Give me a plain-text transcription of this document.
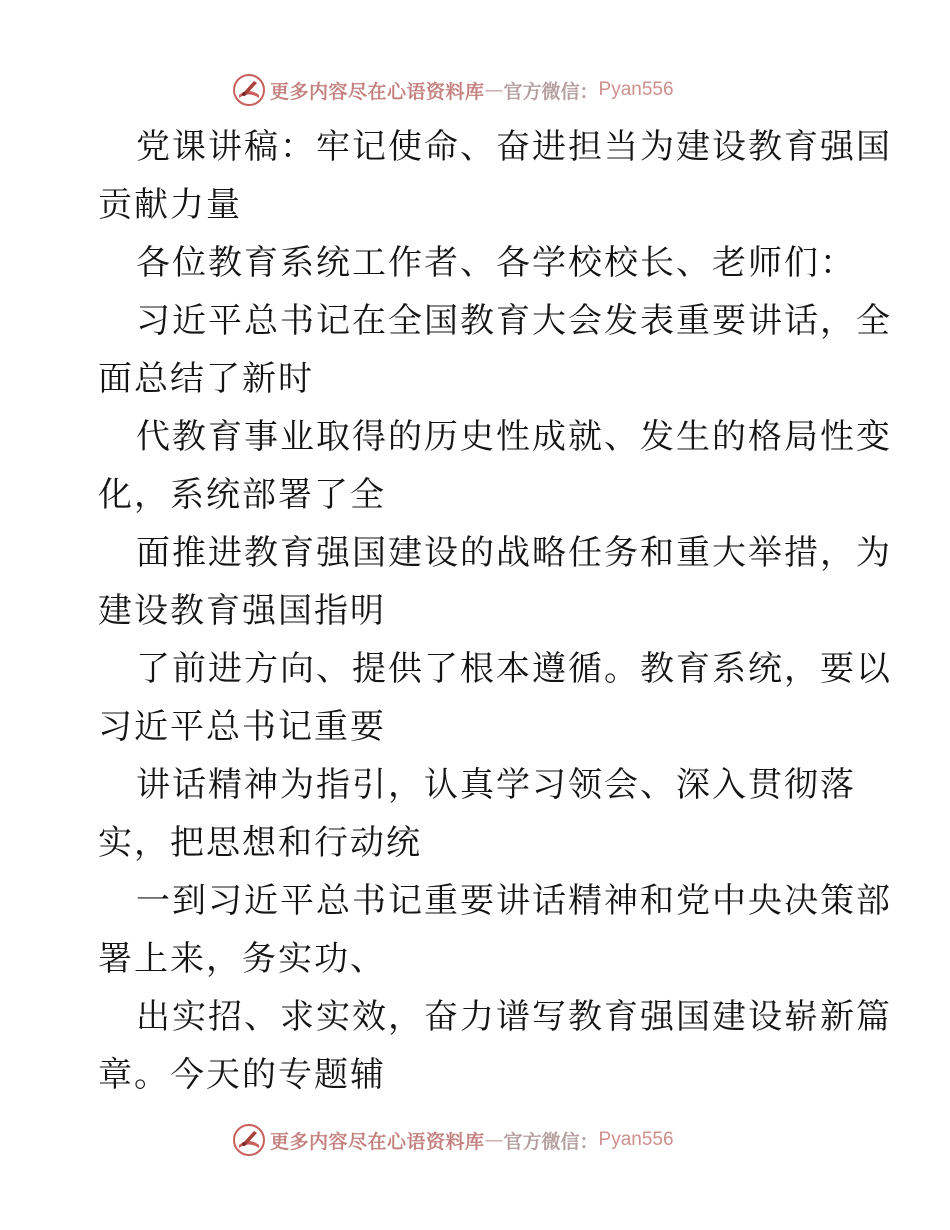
更多内容尽在心语资料库 — 官方微信： Pyan556
党课讲稿：牢记使命、奋进担当为建设教育强国
贡献力量
各位教育系统工作者、各学校校长、老师们：
习近平总书记在全国教育大会发表重要讲话，全
面总结了新时
代教育事业取得的历史性成就、发生的格局性变
化，系统部署了全
面推进教育强国建设的战略任务和重大举措，为
建设教育强国指明
了前进方向、提供了根本遵循。教育系统，要以
习近平总书记重要
讲话精神为指引，认真学习领会、深入贯彻落
实，把思想和行动统
一到习近平总书记重要讲话精神和党中央决策部
署上来，务实功、
出实招、求实效，奋力谱写教育强国建设崭新篇
章。今天的专题辅
更多内容尽在心语资料库 — 官方微信： Pyan556
